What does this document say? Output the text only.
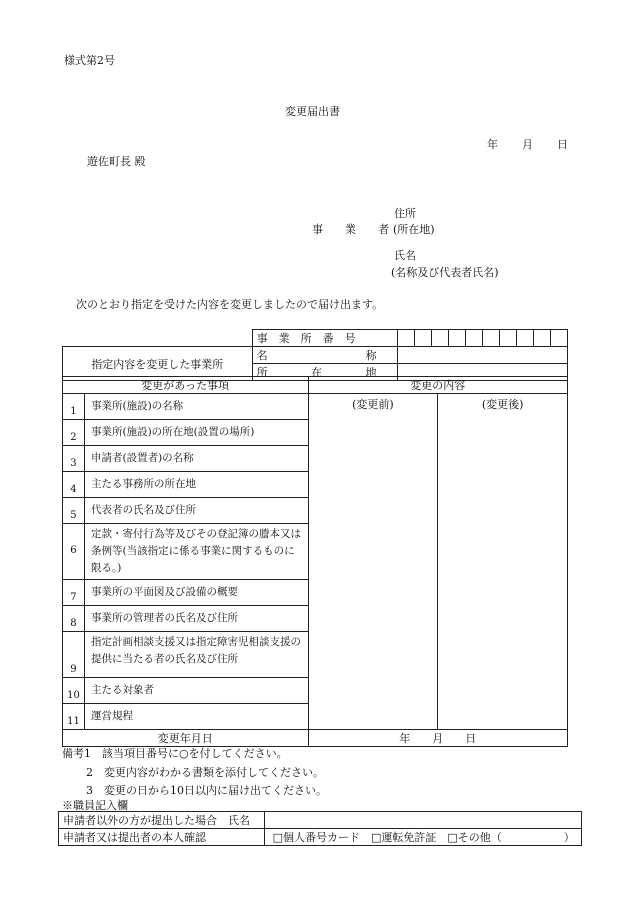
様式第2号
変更届出書
年 月 日
遊佐町長 殿
住所
事　　業　　者 (所在地)
氏名
(名称及び代表者氏名)
次のとおり指定を受けた内容を変更しましたので届け出ます。
	事　業　所　番　号										
指定内容を変更した事業所	名 称										

	所 在 地										

変更があった事項		変更の内容	
1	事業所(施設)の名称	(変更前)	(変更後)
2	事業所(施設)の所在地(設置の場所)		
3	申請者(設置者)の名称		
4	主たる事務所の所在地		
5	代表者の氏名及び住所		
6	定款・寄付行為等及びその登記簿の謄本又は条例等(当該指定に係る事業に関するものに限る。)		
7	事業所の平面図及び設備の概要		
8	事業所の管理者の氏名及び住所		
9	指定計画相談支援又は指定障害児相談支援の提供に当たる者の氏名及び住所		
10	主たる対象者		
11	運営規程		
変更年月日		年　　 月　　 日	
備考1　該当項目番号に○を付してください。
2　変更内容がわかる書類を添付してください。
3　変更の日から10日以内に届け出てください。
※職員記入欄
申請者以外の方が提出した場合　氏名	
申請者又は提出者の本人確認	□個人番号カード　 □運転免許証　 □その他（ ）
